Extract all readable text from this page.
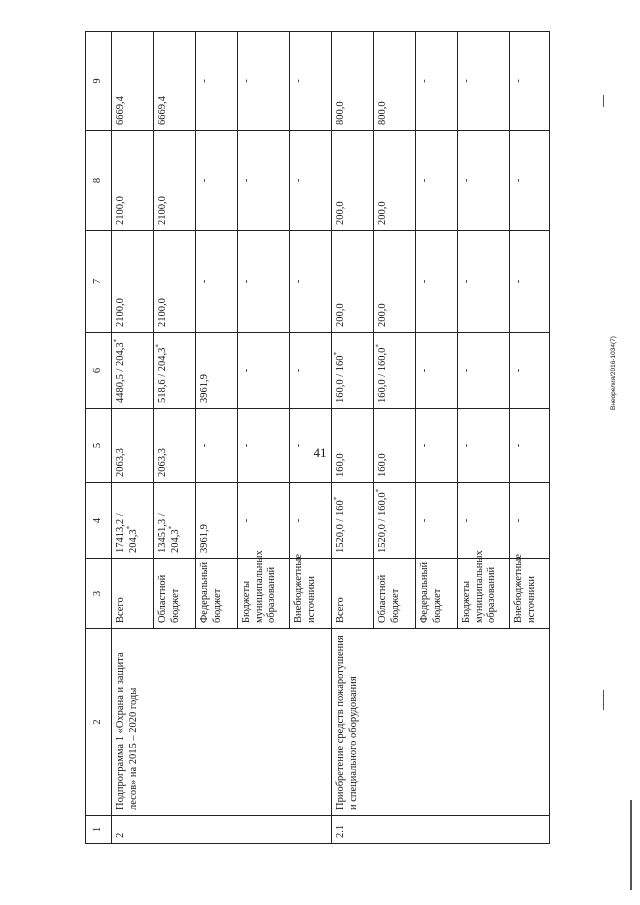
41
Внеорелия/2016-1034(7)
1	2	3	4	5	6	7	8	9
2	Подпрограмма 1 «Охрана и защита лесов» на 2015 – 2020 годы	Всего	17413,2 / 204,3*	2063,3	4480,5 / 204,3*	2100,0	2100,0	6669,4
		Областной бюджет	13451,3 / 204,3*	2063,3	518,6 / 204,3*	2100,0	2100,0	6669,4
		Федеральный бюджет	3961,9	-	3961,9	-	-	-
		Бюджеты муниципальных образований	-	-	-	-	-	-
		Внебюджетные источники	-	-	-	-	-	-
2.1	Приобретение средств пожаротушения и специального оборудования	Всего	1520,0 / 160*	160,0	160,0 / 160*	200,0	200,0	800,0
		Областной бюджет	1520,0 / 160,0*	160,0	160,0 / 160,0*	200,0	200,0	800,0
		Федеральный бюджет	-	-	-	-	-	-
		Бюджеты муниципальных образований	-	-	-	-	-	-
		Внебюджетные источники	-	-	-	-	-	-
